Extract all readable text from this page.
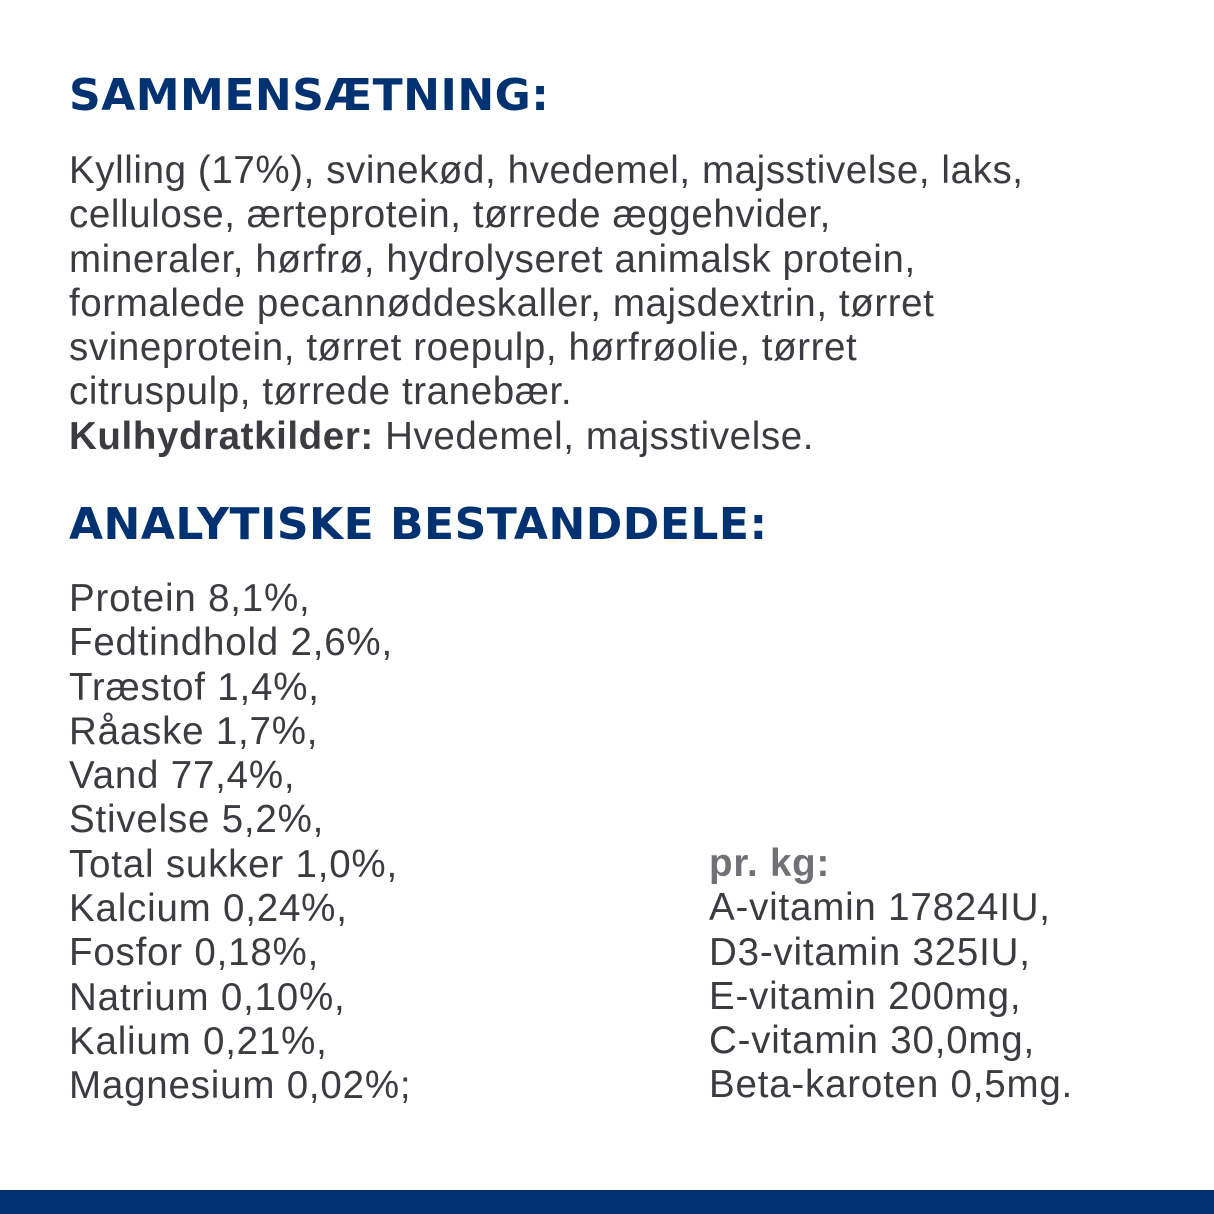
SAMMENSÆTNING:
Kylling (17%), svinekød, hvedemel, majsstivelse, laks,
cellulose, ærteprotein, tørrede æggehvider,
mineraler, hørfrø, hydrolyseret animalsk protein,
formalede pecannøddeskaller, majsdextrin, tørret
svineprotein, tørret roepulp, hørfrøolie, tørret
citruspulp, tørrede tranebær.
Kulhydratkilder: Hvedemel, majsstivelse.
ANALYTISKE BESTANDDELE:
Protein 8,1%,
Fedtindhold 2,6%,
Træstof 1,4%,
Råaske 1,7%,
Vand 77,4%,
Stivelse 5,2%,
Total sukker 1,0%,
Kalcium 0,24%,
Fosfor 0,18%,
Natrium 0,10%,
Kalium 0,21%,
Magnesium 0,02%;
pr. kg:
A-vitamin 17824IU,
D3-vitamin 325IU,
E-vitamin 200mg,
C-vitamin 30,0mg,
Beta-karoten 0,5mg.
